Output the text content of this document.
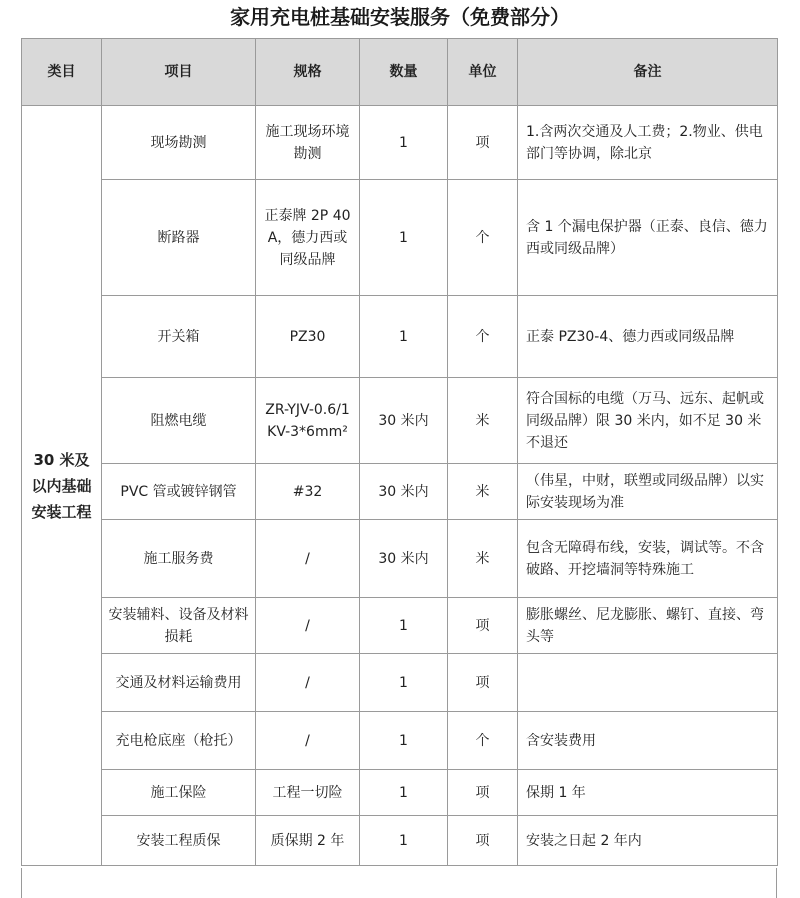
家用充电桩基础安装服务（免费部分）
类目	项目	规格	数量	单位	备注
30 米及以内基础安装工程	现场勘测	施工现场环境勘测	1	项	1.含两次交通及人工费；2.物业、供电部门等协调，除北京
	断路器	正泰牌 2P 40A，德力西或同级品牌	1	个	含 1 个漏电保护器（正泰、良信、德力西或同级品牌）
	开关箱	PZ30	1	个	正泰 PZ30-4、德力西或同级品牌
	阻燃电缆	ZR-YJV-0.6/1KV-3*6mm²	30 米内	米	符合国标的电缆（万马、远东、起帆或同级品牌）限 30 米内，如不足 30 米不退还
	PVC 管或镀锌钢管	#32	30 米内	米	（伟星，中财，联塑或同级品牌）以实际安装现场为准
	施工服务费	/	30 米内	米	包含无障碍布线，安装，调试等。不含破路、开挖墙洞等特殊施工
	安装辅料、设备及材料损耗	/	1	项	膨胀螺丝、尼龙膨胀、螺钉、直接、弯头等
	交通及材料运输费用	/	1	项	
	充电枪底座（枪托）	/	1	个	含安装费用
	施工保险	工程一切险	1	项	保期 1 年
	安装工程质保	质保期 2 年	1	项	安装之日起 2 年内
